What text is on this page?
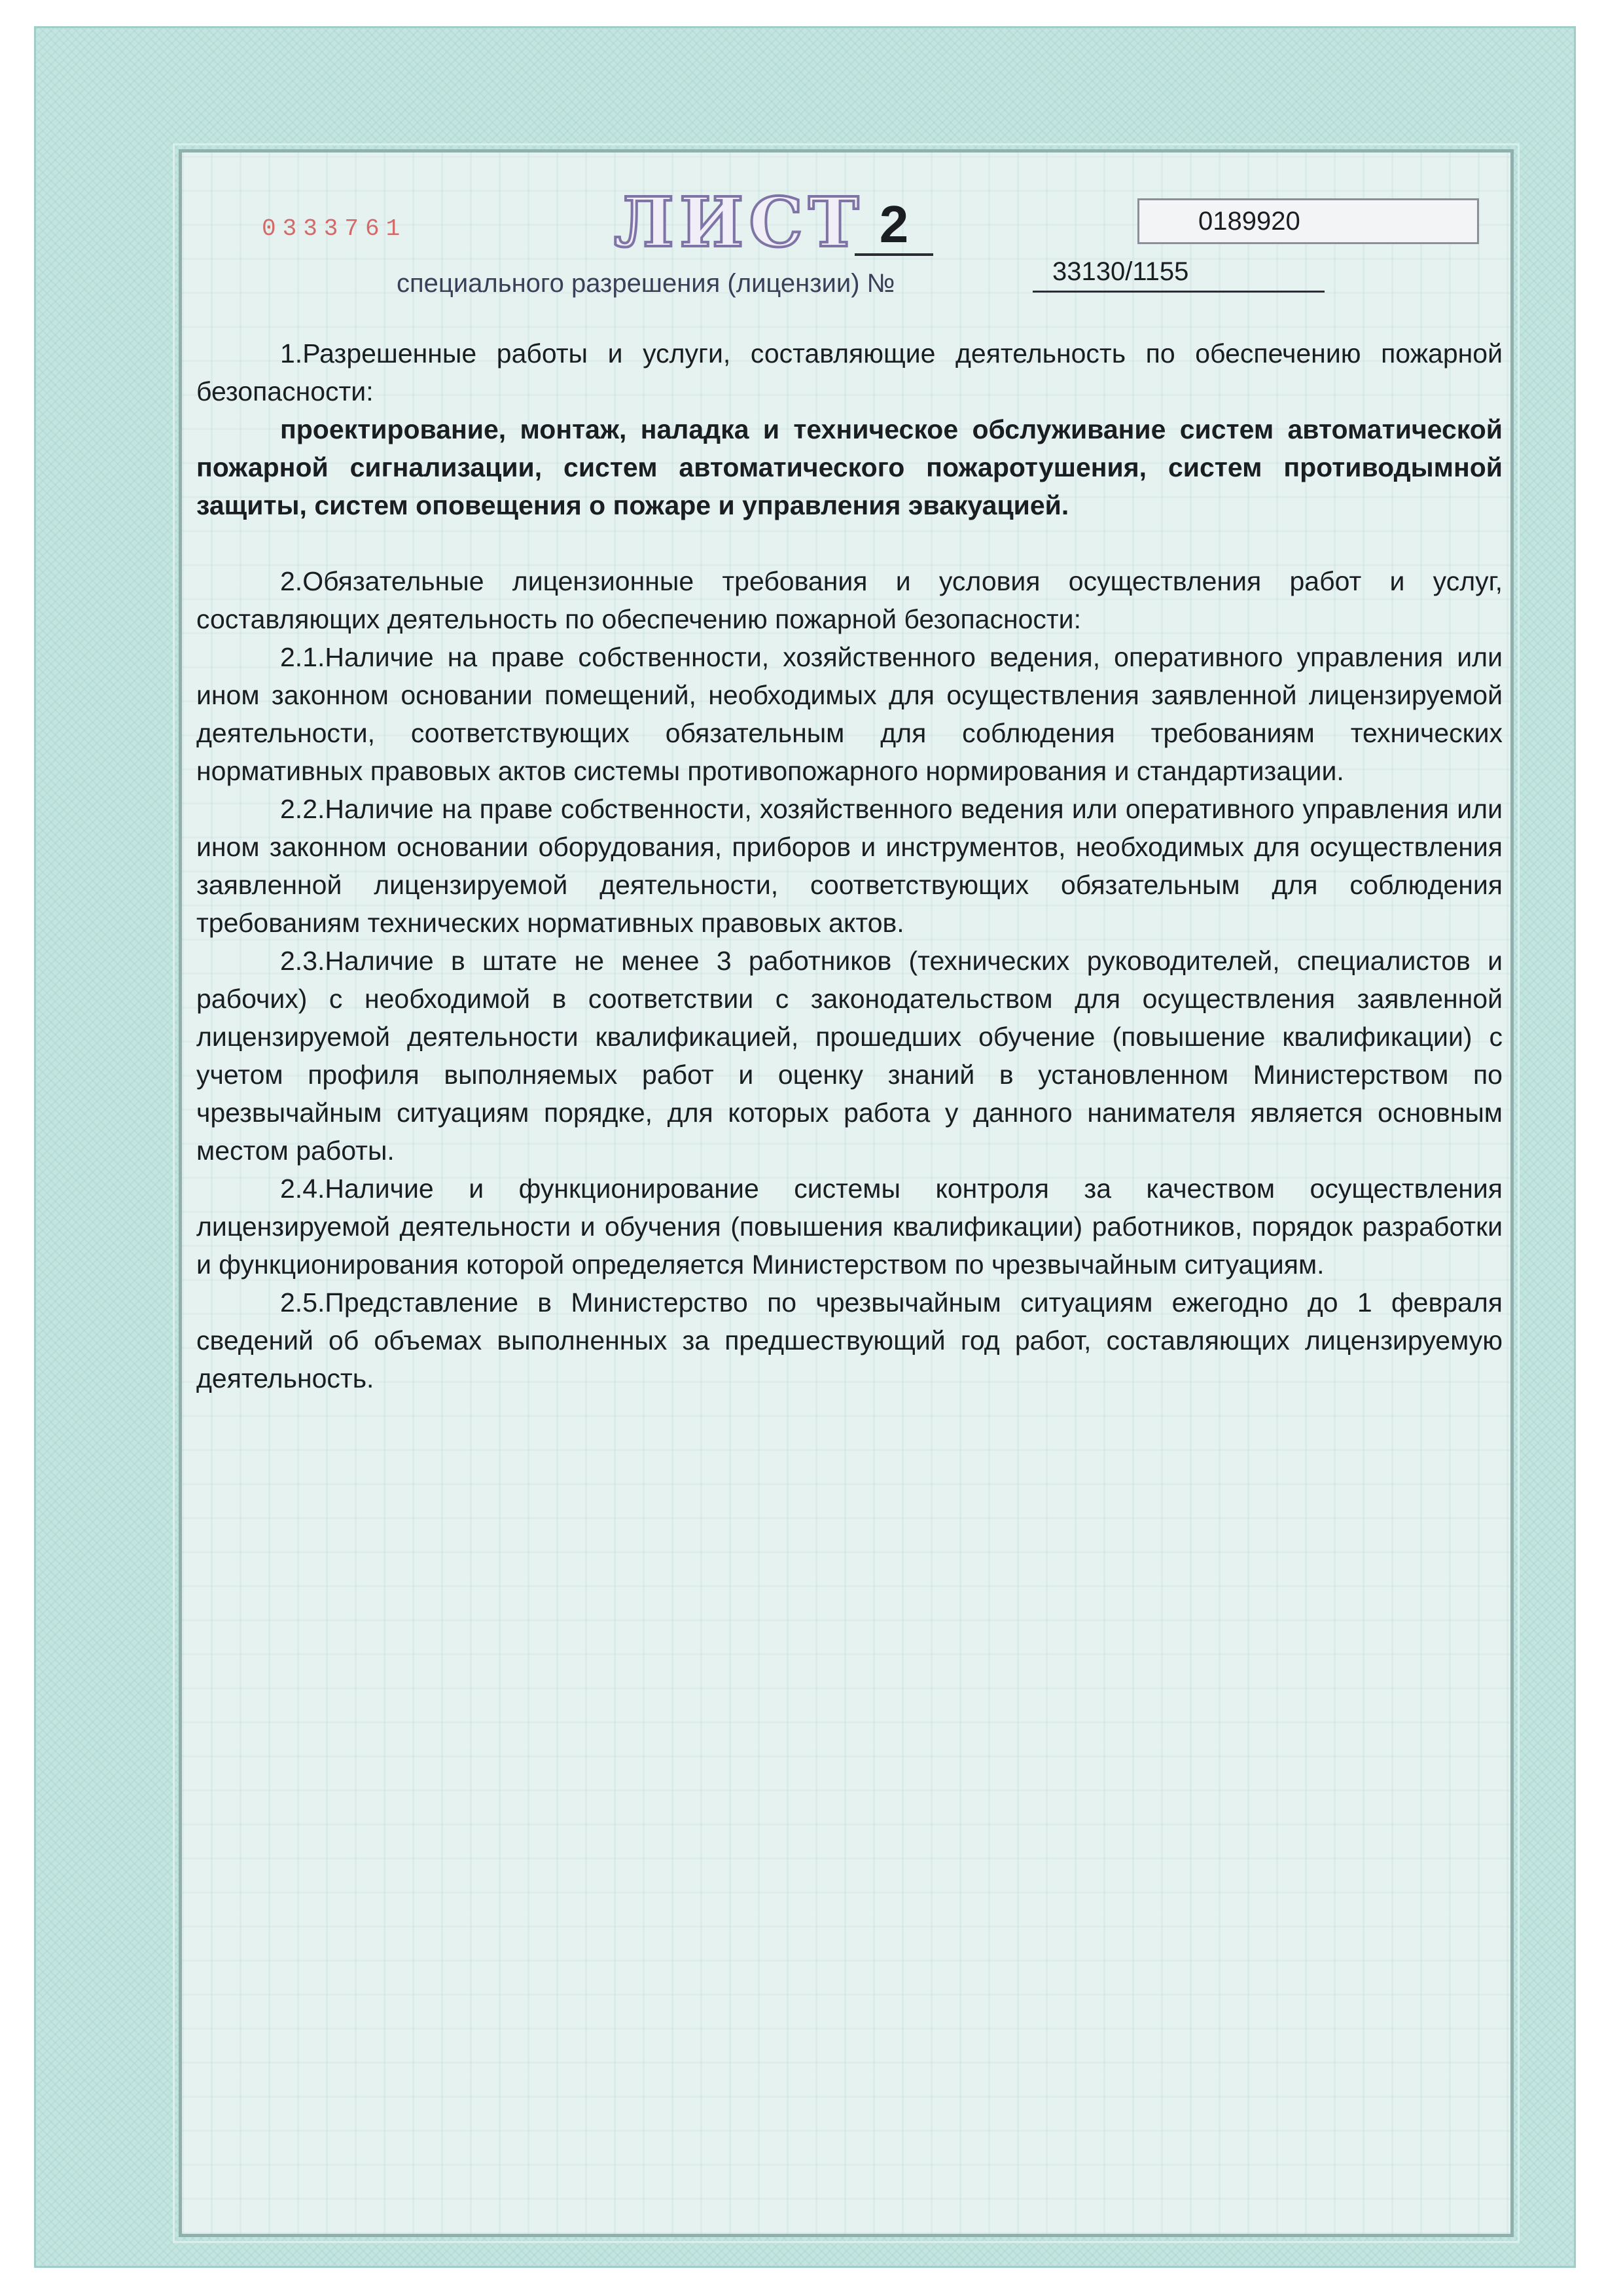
0333761	ЛИСТ 2	0189920
специального разрешения (лицензии) №	33130/1155

1.Разрешенные работы и услуги, составляющие деятельность по обеспечению пожарной безопасности:

проектирование, монтаж, наладка и техническое обслуживание систем автоматической пожарной сигнализации, систем автоматического пожаротушения, систем противодымной защиты, систем оповещения о пожаре и управления эвакуацией.

2.Обязательные лицензионные требования и условия осуществления работ и услуг, составляющих деятельность по обеспечению пожарной безопасности:

2.1.Наличие на праве собственности, хозяйственного ведения, оперативного управления или ином законном основании помещений, необходимых для осуществления заявленной лицензируемой деятельности, соответствующих обязательным для соблюдения требованиям технических нормативных правовых актов системы противопожарного нормирования и стандартизации.

2.2.Наличие на праве собственности, хозяйственного ведения или оперативного управления или ином законном основании оборудования, приборов и инструментов, необходимых для осуществления заявленной лицензируемой деятельности, соответствующих обязательным для соблюдения требованиям технических нормативных правовых актов.

2.3.Наличие в штате не менее 3 работников (технических руководителей, специалистов и рабочих) с необходимой в соответствии с законодательством для осуществления заявленной лицензируемой деятельности квалификацией, прошедших обучение (повышение квалификации) с учетом профиля выполняемых работ и оценку знаний в установленном Министерством по чрезвычайным ситуациям порядке, для которых работа у данного нанимателя является основным местом работы.

2.4.Наличие и функционирование системы контроля за качеством осуществления лицензируемой деятельности и обучения (повышения квалификации) работников, порядок разработки и функционирования которой определяется Министерством по чрезвычайным ситуациям.

2.5.Представление в Министерство по чрезвычайным ситуациям ежегодно до 1 февраля сведений об объемах выполненных за предшествующий год работ, составляющих лицензируемую деятельность.
